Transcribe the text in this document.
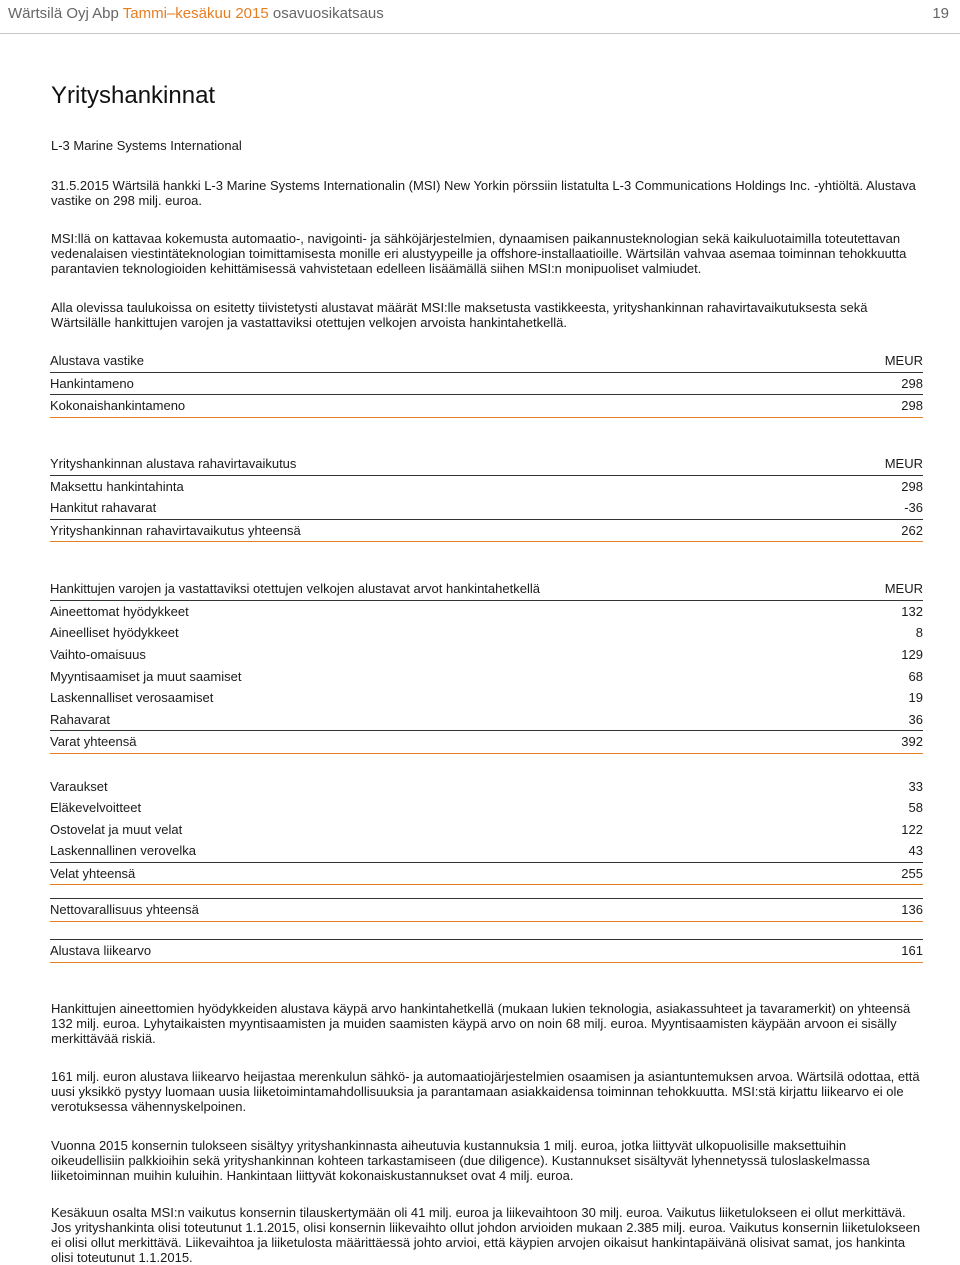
Wärtsilä Oyj Abp Tammi–kesäkuu 2015 osavuosikatsaus	19
Yrityshankinnat
L-3 Marine Systems International
31.5.2015 Wärtsilä hankki L-3 Marine Systems Internationalin (MSI) New Yorkin pörssiin listatulta L-3 Communications Holdings Inc. -yhtiöltä. Alustava vastike on 298 milj. euroa.
MSI:llä on kattavaa kokemusta automaatio-, navigointi- ja sähköjärjestelmien, dynaamisen paikannusteknologian sekä kaikuluotaimilla toteutettavan vedenalaisen viestintäteknologian toimittamisesta monille eri alustyypeille ja offshore-installaatioille. Wärtsilän vahvaa asemaa toiminnan tehokkuutta parantavien teknologioiden kehittämisessä vahvistetaan edelleen lisäämällä siihen MSI:n monipuoliset valmiudet.
Alla olevissa taulukoissa on esitetty tiivistetysti alustavat määrät MSI:lle maksetusta vastikkeesta, yrityshankinnan rahavirtavaikutuksesta sekä Wärtsilälle hankittujen varojen ja vastattaviksi otettujen velkojen arvoista hankintahetkellä.
Alustava vastike	MEUR
Hankintameno	298
Kokonaishankintameno	298
Yrityshankinnan alustava rahavirtavaikutus	MEUR
Maksettu hankintahinta	298
Hankitut rahavarat	-36
Yrityshankinnan rahavirtavaikutus yhteensä	262
Hankittujen varojen ja vastattaviksi otettujen velkojen alustavat arvot hankintahetkellä	MEUR
Aineettomat hyödykkeet	132
Aineelliset hyödykkeet	8
Vaihto-omaisuus	129
Myyntisaamiset ja muut saamiset	68
Laskennalliset verosaamiset	19
Rahavarat	36
Varat yhteensä	392

Varaukset	33
Eläkevelvoitteet	58
Ostovelat ja muut velat	122
Laskennallinen verovelka	43
Velat yhteensä	255
Nettovarallisuus yhteensä	136
Alustava liikearvo	161
Hankittujen aineettomien hyödykkeiden alustava käypä arvo hankintahetkellä (mukaan lukien teknologia, asiakassuhteet ja tavaramerkit) on yhteensä 132 milj. euroa. Lyhytaikaisten myyntisaamisten ja muiden saamisten käypä arvo on noin 68 milj. euroa. Myyntisaamisten käypään arvoon ei sisälly merkittävää riskiä.
161 milj. euron alustava liikearvo heijastaa merenkulun sähkö- ja automaatiojärjestelmien osaamisen ja asiantuntemuksen arvoa. Wärtsilä odottaa, että uusi yksikkö pystyy luomaan uusia liiketoimintamahdollisuuksia ja parantamaan asiakkaidensa toiminnan tehokkuutta. MSI:stä kirjattu liikearvo ei ole verotuksessa vähennyskelpoinen.
Vuonna 2015 konsernin tulokseen sisältyy yrityshankinnasta aiheutuvia kustannuksia 1 milj. euroa, jotka liittyvät ulkopuolisille maksettuihin oikeudellisiin palkkioihin sekä yrityshankinnan kohteen tarkastamiseen (due diligence). Kustannukset sisältyvät lyhennetyssä tuloslaskelmassa liiketoiminnan muihin kuluihin. Hankintaan liittyvät kokonaiskustannukset ovat 4 milj. euroa.
Kesäkuun osalta MSI:n vaikutus konsernin tilauskertymään oli 41 milj. euroa ja liikevaihtoon 30 milj. euroa. Vaikutus liiketulokseen ei ollut merkittävä. Jos yrityshankinta olisi toteutunut 1.1.2015, olisi konsernin liikevaihto ollut johdon arvioiden mukaan 2.385 milj. euroa. Vaikutus konsernin liiketulokseen ei olisi ollut merkittävä. Liikevaihtoa ja liiketulosta määrittäessä johto arvioi, että käypien arvojen oikaisut hankintapäivänä olisivat samat, jos hankinta olisi toteutunut 1.1.2015.
